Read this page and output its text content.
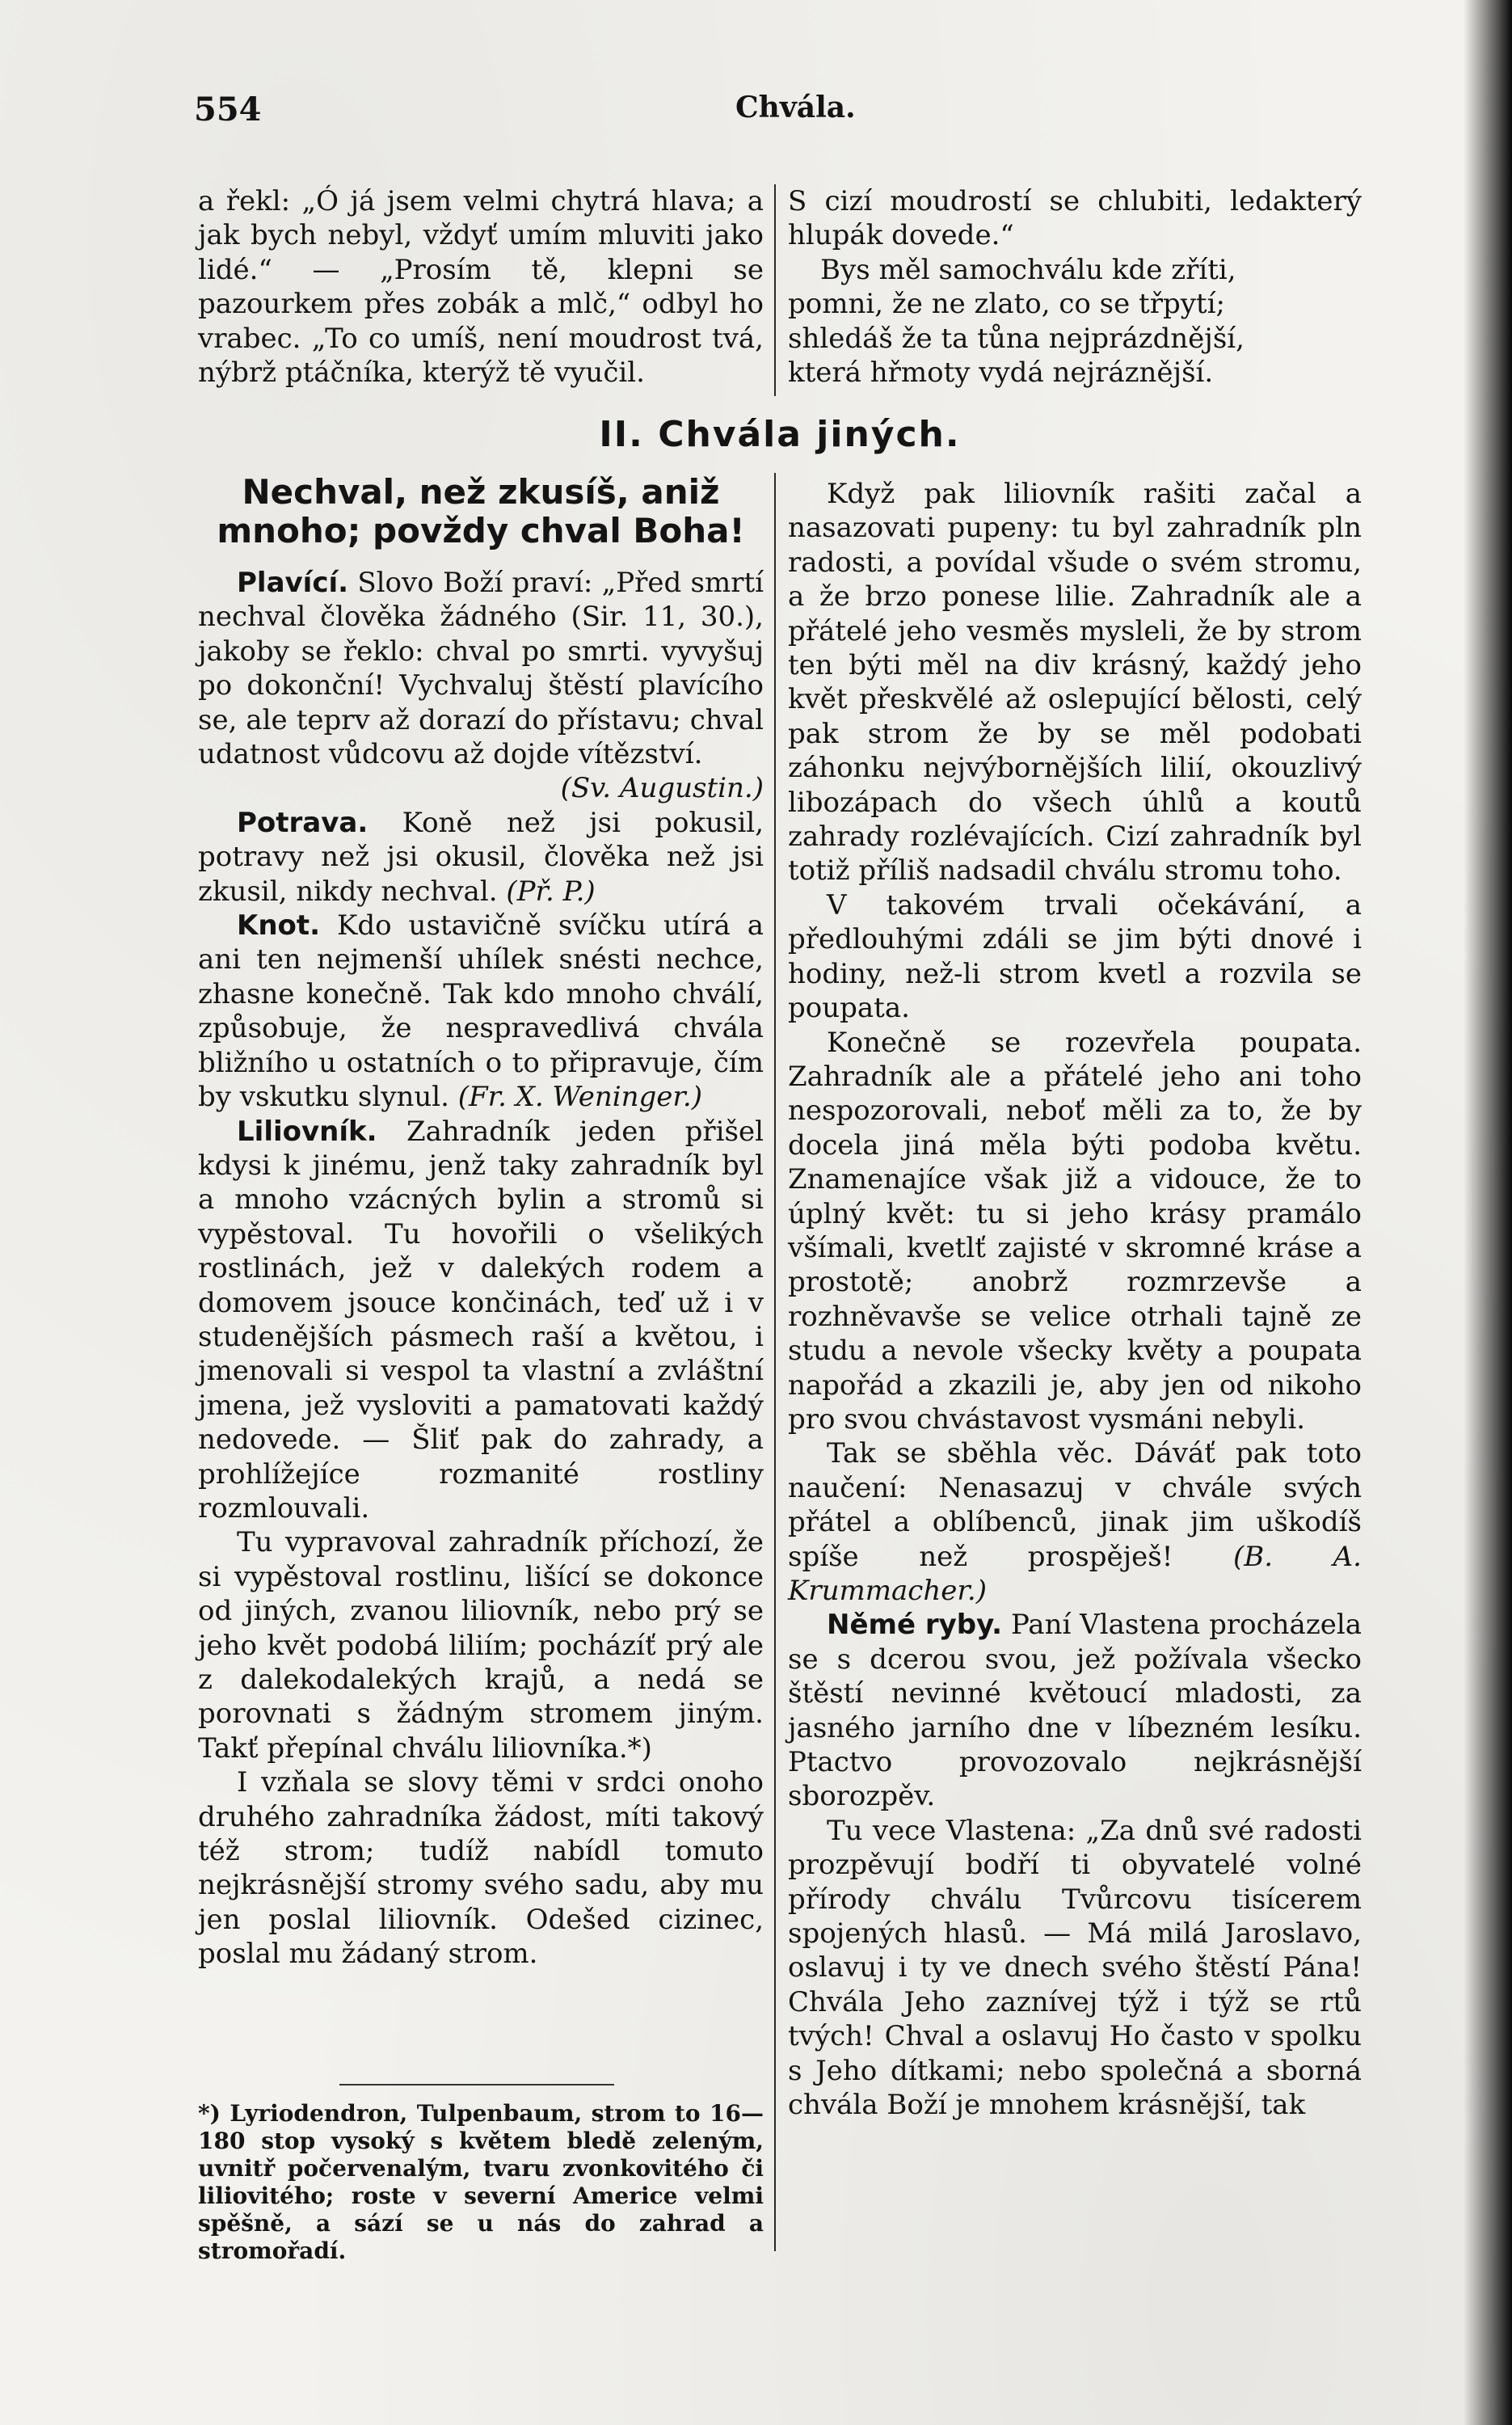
554	Chvála.

a řekl: „Ó já jsem velmi chytrá hlava; a jak bych nebyl, vždyť umím mluviti jako lidé.“ — „Prosím tě, klepni se pazourkem přes zobák a mlč,“ odbyl ho vrabec. „To co umíš, není moudrost tvá, nýbrž ptáčníka, kterýž tě vyučil.

S cizí moudrostí se chlubiti, ledakterý hlupák dovede.“

Bys měl samochválu kde zříti,

pomni, že ne zlato, co se třpytí;

shledáš že ta tůna nejprázdnější,

která hřmoty vydá nejráznější.

II. Chvála jiných.
Nechval, než zkusíš, aniž mnoho; povždy chval Boha!

Plavící. Slovo Boží praví: „Před smrtí nechval člověka žádného (Sir. 11, 30.), jakoby se řeklo: chval po smrti. vyvyšuj po dokonční! Vychvaluj štěstí plavícího se, ale teprv až dorazí do přístavu; chval udatnost vůdcovu až dojde vítězství.

(Sv. Augustin.)

Potrava. Koně než jsi pokusil, potravy než jsi okusil, člověka než jsi zkusil, nikdy nechval. (Př. P.)

Knot. Kdo ustavičně svíčku utírá a ani ten nejmenší uhílek snésti nechce, zhasne konečně. Tak kdo mnoho chválí, způsobuje, že nespravedlivá chvála bližního u ostatních o to připravuje, čím by vskutku slynul. (Fr. X. Weninger.)

Liliovník. Zahradník jeden přišel kdysi k jinému, jenž taky zahradník byl a mnoho vzácných bylin a stromů si vypěstoval. Tu hovořili o všelikých rostlinách, jež v dalekých rodem a domovem jsouce končinách, teď už i v studenějších pásmech raší a květou, i jmenovali si vespol ta vlastní a zvláštní jmena, jež vysloviti a pamatovati každý nedovede. — Šliť pak do zahrady, a prohlížejíce rozmanité rostliny rozmlouvali.

Tu vypravoval zahradník příchozí, že si vypěstoval rostlinu, lišící se dokonce od jiných, zvanou liliovník, nebo prý se jeho květ podobá liliím; pocházíť prý ale z dalekodalekých krajů, a nedá se porovnati s žádným stromem jiným. Takť přepínal chválu liliovníka.*)

I vzňala se slovy těmi v srdci onoho druhého zahradníka žádost, míti takový též strom; tudíž nabídl tomuto nejkrásnější stromy svého sadu, aby mu jen poslal liliovník. Odešed cizinec, poslal mu žádaný strom.

*) Lyriodendron, Tulpenbaum, strom to 16—180 stop vysoký s květem bledě zeleným, uvnitř počervenalým, tvaru zvonkovitého či liliovitého; roste v severní Americe velmi spěšně, a sází se u nás do zahrad a stromořadí.

Když pak liliovník rašiti začal a nasazovati pupeny: tu byl zahradník pln radosti, a povídal všude o svém stromu, a že brzo ponese lilie. Zahradník ale a přátelé jeho vesměs mysleli, že by strom ten býti měl na div krásný, každý jeho květ přeskvělé až oslepující bělosti, celý pak strom že by se měl podobati záhonku nejvýbornějších lilií, okouzlivý libozápach do všech úhlů a koutů zahrady rozlévajících. Cizí zahradník byl totiž příliš nadsadil chválu stromu toho.

V takovém trvali očekávání, a předlouhými zdáli se jim býti dnové i hodiny, než-li strom kvetl a rozvila se poupata.

Konečně se rozevřela poupata. Zahradník ale a přátelé jeho ani toho nespozorovali, neboť měli za to, že by docela jiná měla býti podoba květu. Znamenajíce však již a vidouce, že to úplný květ: tu si jeho krásy pramálo všímali, kvetlť zajisté v skromné kráse a prostotě; anobrž rozmrzevše a rozhněvavše se velice otrhali tajně ze studu a nevole všecky květy a poupata napořád a zkazili je, aby jen od nikoho pro svou chvástavost vysmáni nebyli.

Tak se sběhla věc. Dáváť pak toto naučení: Nenasazuj v chvále svých přátel a oblíbenců, jinak jim uškodíš spíše než prospěješ! (B. A. Krummacher.)

Němé ryby. Paní Vlastena procházela se s dcerou svou, jež požívala všecko štěstí nevinné květoucí mladosti, za jasného jarního dne v líbezném lesíku. Ptactvo provozovalo nejkrásnější sborozpěv.

Tu vece Vlastena: „Za dnů své radosti prozpěvují bodří ti obyvatelé volné přírody chválu Tvůrcovu tisícerem spojených hlasů. — Má milá Jaroslavo, oslavuj i ty ve dnech svého štěstí Pána! Chvála Jeho zaznívej týž i týž se rtů tvých! Chval a oslavuj Ho často v spolku s Jeho dítkami; nebo společná a sborná chvála Boží je mnohem krásnější, tak
